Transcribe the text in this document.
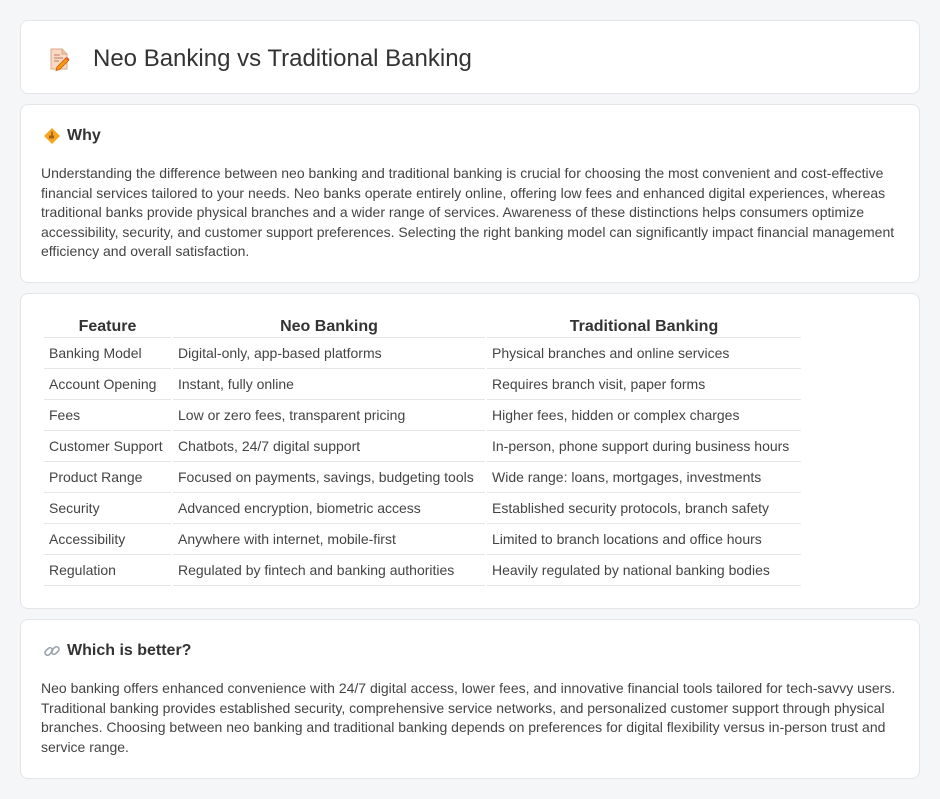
Neo Banking vs Traditional Banking
Why

Understanding the difference between neo banking and traditional banking is crucial for choosing the most convenient and cost-effective financial services tailored to your needs. Neo banks operate entirely online, offering low fees and enhanced digital experiences, whereas traditional banks provide physical branches and a wider range of services. Awareness of these distinctions helps consumers optimize accessibility, security, and customer support preferences. Selecting the right banking model can significantly impact financial management efficiency and overall satisfaction.

Feature	Neo Banking	Traditional Banking
Banking Model	Digital-only, app-based platforms	Physical branches and online services
Account Opening	Instant, fully online	Requires branch visit, paper forms
Fees	Low or zero fees, transparent pricing	Higher fees, hidden or complex charges
Customer Support	Chatbots, 24/7 digital support	In-person, phone support during business hours
Product Range	Focused on payments, savings, budgeting tools	Wide range: loans, mortgages, investments
Security	Advanced encryption, biometric access	Established security protocols, branch safety
Accessibility	Anywhere with internet, mobile-first	Limited to branch locations and office hours
Regulation	Regulated by fintech and banking authorities	Heavily regulated by national banking bodies
Which is better?

Neo banking offers enhanced convenience with 24/7 digital access, lower fees, and innovative financial tools tailored for tech-savvy users. Traditional banking provides established security, comprehensive service networks, and personalized customer support through physical branches. Choosing between neo banking and traditional banking depends on preferences for digital flexibility versus in-person trust and service range.
